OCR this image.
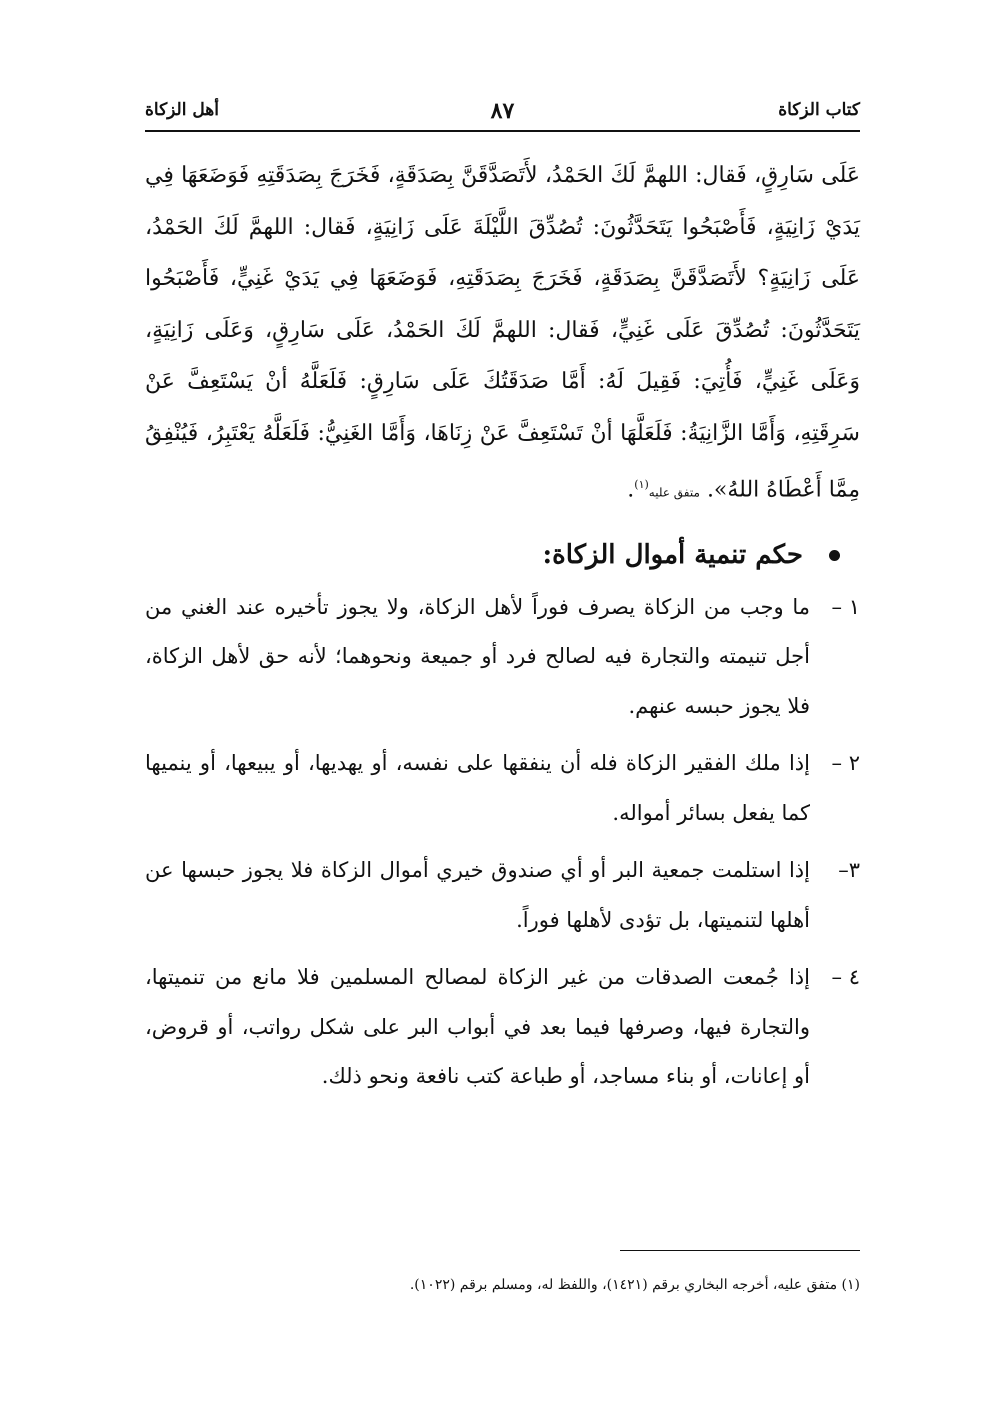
كتاب الزكاة
٨٧
أهل الزكاة

عَلَى سَارِقٍ، فَقال: اللهمَّ لَكَ الحَمْدُ، لأَتَصَدَّقَنَّ بِصَدَقَةٍ، فَخَرَجَ بِصَدَقَتِهِ فَوَضَعَهَا فِي يَدَيْ زَانِيَةٍ، فَأَصْبَحُوا يَتَحَدَّثُونَ: تُصُدِّقَ اللَّيْلَةَ عَلَى زَانِيَةٍ، فَقال: اللهمَّ لَكَ الحَمْدُ، عَلَى زَانِيَةٍ؟ لأَتَصَدَّقَنَّ بِصَدَقَةٍ، فَخَرَجَ بِصَدَقَتِهِ، فَوَضَعَهَا فِي يَدَيْ غَنِيٍّ، فَأَصْبَحُوا يَتَحَدَّثُونَ: تُصُدِّقَ عَلَى غَنِيٍّ، فَقال: اللهمَّ لَكَ الحَمْدُ، عَلَى سَارِقٍ، وَعَلَى زَانِيَةٍ، وَعَلَى غَنِيٍّ، فَأُتِيَ: فَقِيلَ لَهُ: أَمَّا صَدَقَتُكَ عَلَى سَارِقٍ: فَلَعَلَّهُ أنْ يَسْتَعِفَّ عَنْ سَرِقَتِهِ، وَأَمَّا الزَّانِيَةُ: فَلَعَلَّهَا أنْ تَسْتَعِفَّ عَنْ زِنَاهَا، وَأَمَّا الغَنِيُّ: فَلَعَلَّهُ يَعْتَبِرُ، فَيُنْفِقُ مِمَّا أَعْطَاهُ اللهُ». متفق عليه$^{(١)}$.

حكم تنمية أموال الزكاة:
١ –
ما وجب من الزكاة يصرف فوراً لأهل الزكاة، ولا يجوز تأخيره عند الغني من أجل تنيمته والتجارة فيه لصالح فرد أو جميعة ونحوهما؛ لأنه حق لأهل الزكاة، فلا يجوز حبسه عنهم.
٢ –
إذا ملك الفقير الزكاة فله أن ينفقها على نفسه، أو يهديها، أو يبيعها، أو ينميها كما يفعل بسائر أمواله.
٣–
إذا استلمت جمعية البر أو أي صندوق خيري أموال الزكاة فلا يجوز حبسها عن أهلها لتنميتها، بل تؤدى لأهلها فوراً.
٤ –
إذا جُمعت الصدقات من غير الزكاة لمصالح المسلمين فلا مانع من تنميتها، والتجارة فيها، وصرفها فيما بعد في أبواب البر على شكل رواتب، أو قروض، أو إعانات، أو بناء مساجد، أو طباعة كتب نافعة ونحو ذلك.
(١) متفق عليه، أخرجه البخاري برقم (١٤٢١)، واللفظ له، ومسلم برقم (١٠٢٢).
